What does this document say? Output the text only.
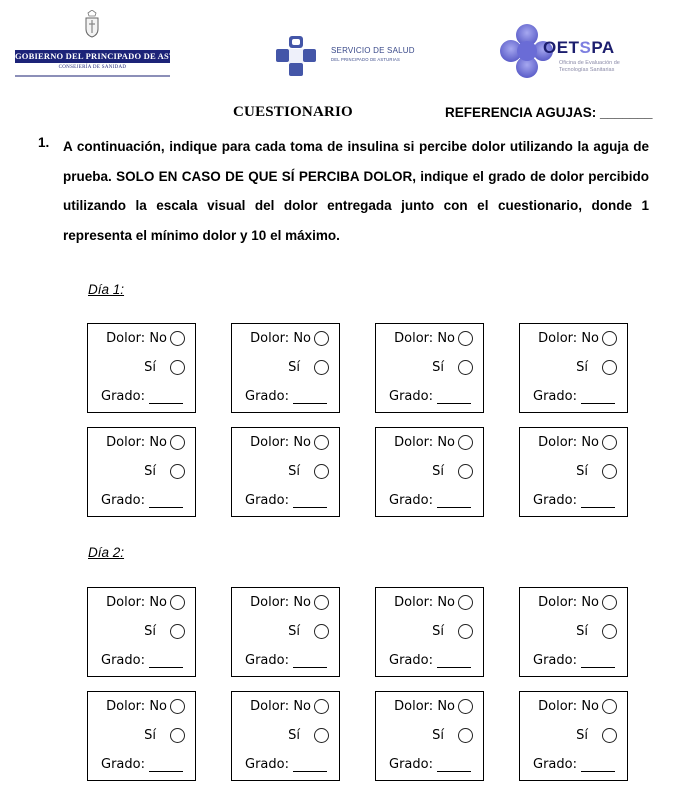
GOBIERNO DEL PRINCIPADO DE ASTURIAS
CONSEJERÍA DE SANIDAD
SERVICIO DE SALUD
DEL PRINCIPADO DE ASTURIAS
OETSPA
Oficina de Evaluación de
Tecnologías Sanitarias
CUESTIONARIO	REFERENCIA AGUJAS: _______
1. A continuación, indique para cada toma de insulina si percibe dolor utilizando la aguja de prueba. SOLO EN CASO DE QUE SÍ PERCIBA DOLOR, indique el grado de dolor percibido utilizando la escala visual del dolor entregada junto con el cuestionario, donde 1 representa el mínimo dolor y 10 el máximo.
Día 1:
Día 2:
Dolor: No
Sí
Grado:
Dolor: No
Sí
Grado:
Dolor: No
Sí
Grado:
Dolor: No
Sí
Grado:
Dolor: No
Sí
Grado:
Dolor: No
Sí
Grado:
Dolor: No
Sí
Grado:
Dolor: No
Sí
Grado:
Dolor: No
Sí
Grado:
Dolor: No
Sí
Grado:
Dolor: No
Sí
Grado:
Dolor: No
Sí
Grado:
Dolor: No
Sí
Grado:
Dolor: No
Sí
Grado:
Dolor: No
Sí
Grado:
Dolor: No
Sí
Grado:
